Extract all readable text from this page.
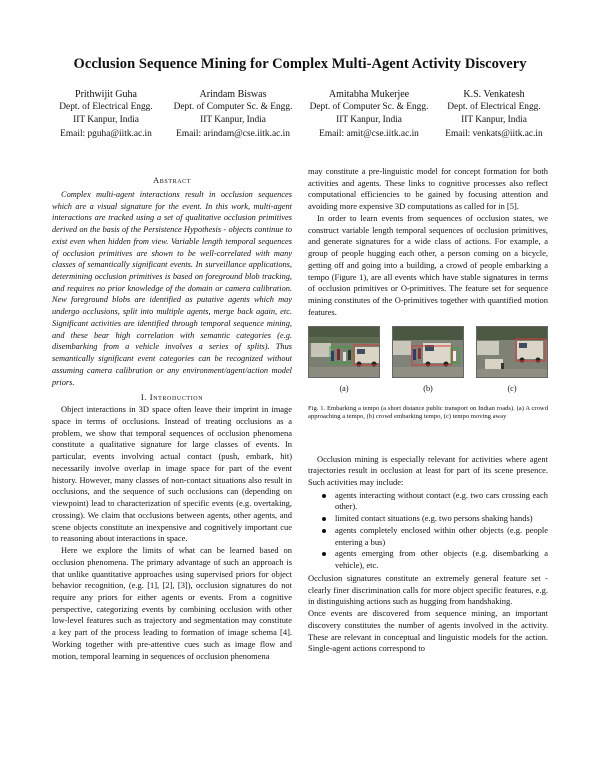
Occlusion Sequence Mining for Complex Multi-Agent Activity Discovery
Prithwijit Guha
Dept. of Electrical Engg.
IIT Kanpur, India
Email: pguha@iitk.ac.in
Arindam Biswas
Dept. of Computer Sc. & Engg.
IIT Kanpur, India
Email: arindam@cse.iitk.ac.in
Amitabha Mukerjee
Dept. of Computer Sc. & Engg.
IIT Kanpur, India
Email: amit@cse.iitk.ac.in
K.S. Venkatesh
Dept. of Electrical Engg.
IIT Kanpur, India
Email: venkats@iitk.ac.in
Abstract

Complex multi-agent interactions result in occlusion sequences which are a visual signature for the event. In this work, multi-agent interactions are tracked using a set of qualitative occlusion primitives derived on the basis of the Persistence Hypothesis - objects continue to exist even when hidden from view. Variable length temporal sequences of occlusion primitives are shown to be well-correlated with many classes of semantically significant events. In surveillance applications, determining occlusion primitives is based on foreground blob tracking, and requires no prior knowledge of the domain or camera calibration. New foreground blobs are identified as putative agents which may undergo occlusions, split into multiple agents, merge back again, etc. Significant activities are identified through temporal sequence mining, and these bear high correlation with semantic categories (e.g. disembarking from a vehicle involves a series of splits). Thus semantically significant event categories can be recognized without assuming camera calibration or any environment/agent/action model priors.

I. Introduction

Object interactions in 3D space often leave their imprint in image space in terms of occlusions. Instead of treating occlusions as a problem, we show that temporal sequences of occlusion phenomena constitute a qualitative signature for large classes of events. In particular, events involving actual contact (push, embark, hit) necessarily involve overlap in image space for part of the event history. However, many classes of non-contact situations also result in occlusions, and the sequence of such occlusions can (depending on viewpoint) lead to characterization of specific events (e.g. overtaking, crossing). We claim that occlusions between agents, other agents, and scene objects constitute an inexpensive and cognitively important cue to reasoning about interactions in space.

Here we explore the limits of what can be learned based on occlusion phenomena. The primary advantage of such an approach is that unlike quantitative approaches using supervised priors for object behavior recognition, (e.g. [1], [2], [3]), occlusion signatures do not require any priors for either agents or events. From a cognitive perspective, categorizing events by combining occlusion with other low-level features such as trajectory and segmentation may constitute a key part of the process leading to formation of image schema [4]. Working together with pre-attentive cues such as image flow and motion, temporal learning in sequences of occlusion phenomena

may constitute a pre-linguistic model for concept formation for both activities and agents. These links to cognitive processes also reflect computational efficiencies to be gained by focusing attention and avoiding more expensive 3D computations as called for in [5].

In order to learn events from sequences of occlusion states, we construct variable length temporal sequences of occlusion primitives, and generate signatures for a wide class of actions. For example, a group of people hugging each other, a person coming on a bicycle, getting off and going into a building, a crowd of people embarking a tempo (Figure 1), are all events which have stable signatures in terms of occlusion primitives or O-primitives. The feature set for sequence mining constitutes of the O-primitives together with quantified motion features.

(a)	(b)	(c)
Fig. 1. Embarking a tempo (a short distance public transport on Indian roads). (a) A crowd approaching a tempo, (b) crowd embarking tempo, (c) tempo moving away

Occlusion mining is especially relevant for activities where agent trajectories result in occlusion at least for part of its scene presence. Such activities may include:

agents interacting without contact (e.g. two cars crossing each other).
limited contact situations (e.g. two persons shaking hands)
agents completely enclosed within other objects (e.g. people entering a bus)
agents emerging from other objects (e.g. disembarking a vehicle), etc.

Occlusion signatures constitute an extremely general feature set - clearly finer discrimination calls for more object specific features, e.g. in distinguishing actions such as hugging from handshaking.

Once events are discovered from sequence mining, an important discovery constitutes the number of agents involved in the activity. These are relevant in conceptual and linguistic models for the action. Single-agent actions correspond to
